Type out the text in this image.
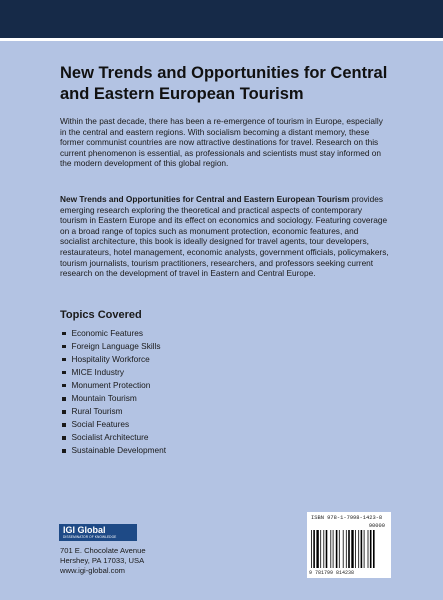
New Trends and Opportunities for Central and Eastern European Tourism

Within the past decade, there has been a re-emergence of tourism in Europe, especially in the central and eastern regions. With socialism becoming a distant memory, these former communist countries are now attractive destinations for travel. Research on this current phenomenon is essential, as professionals and scientists must stay informed on the modern development of this global region.

New Trends and Opportunities for Central and Eastern European Tourism provides emerging research exploring the theoretical and practical aspects of contemporary tourism in Eastern Europe and its effect on economics and sociology. Featuring coverage on a broad range of topics such as monument protection, economic features, and socialist architecture, this book is ideally designed for travel agents, tour developers, restaurateurs, hotel management, economic analysts, government officials, policymakers, tourism journalists, tourism practitioners, researchers, and professors seeking current research on the development of travel in Eastern and Central Europe.

Topics Covered
Economic Features
Foreign Language Skills
Hospitality Workforce
MICE Industry
Monument Protection
Mountain Tourism
Rural Tourism
Social Features
Socialist Architecture
Sustainable Development
IGI Global
DISSEMINATOR OF KNOWLEDGE
701 E. Chocolate Avenue
Hershey, PA 17033, USA
www.igi-global.com
ISBN 978-1-7998-1423-8
90000
9 781799 814238
